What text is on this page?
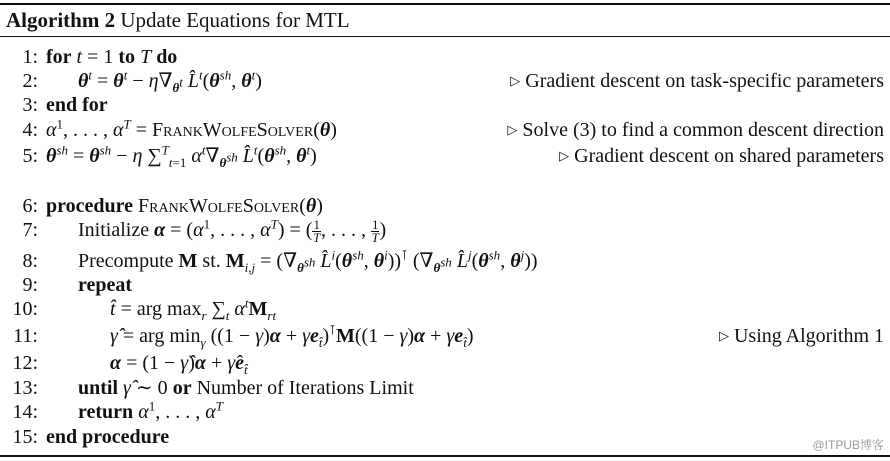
Algorithm 2 Update Equations for MTL
1: for t = 1 to T do
2: $\theta^t = \theta^t - \eta\nabla_{\theta^t}$ $L̂^t(\theta^{sh}$, $\theta^t$)	▷ Gradient descent on task-specific parameters
3: end for
4: $\alpha^1$, . . . , $\alpha^T$ = FrankWolfeSolver(θ)	▷ Solve (3) to find a common descent direction
5: $\theta^{sh} = \theta^{sh} - \eta$ ∑$^T_{t=1}$ $\alpha^t\nabla_{\theta^{sh}}$ $L̂^t(\theta^{sh}$, $\theta^t$)	▷ Gradient descent on shared parameters
6: procedure FrankWolfeSolver(θ)
7: Initialize $\alpha = (\alpha^1$, . . . , $\alpha^T$) = ( $\frac{1}{T}$ , . . . , $\frac{1}{T}$ )
8: Precompute M st. $M_{i,j} = (\nabla_{\theta^{sh}}$ $L̂^i(\theta^{sh}$, $\theta^i))^⊺$ ($\nabla_{\theta^{sh}}$ $L̂^j(\theta^{sh}$, $\theta^j$))
9: repeat
10:	t̂ = arg $\max_r \sum_t$ $\alpha^tM_{rt}$
11:	γ̂ = arg $\min_\gamma ((1 - \gamma)\alpha + \gamma e_{t̂})^⊺M((1 - \gamma)\alpha + \gamma e_{t̂})$	▷ Using Algorithm 1
12:	α = (1 − γ̂)α + $\gammâe_{t̂}$
13: until γ̂ ∼ 0 or Number of Iterations Limit
14: return $\alpha^1$, . . . , $\alpha^T$
15: end procedure	@ITPUB博客
